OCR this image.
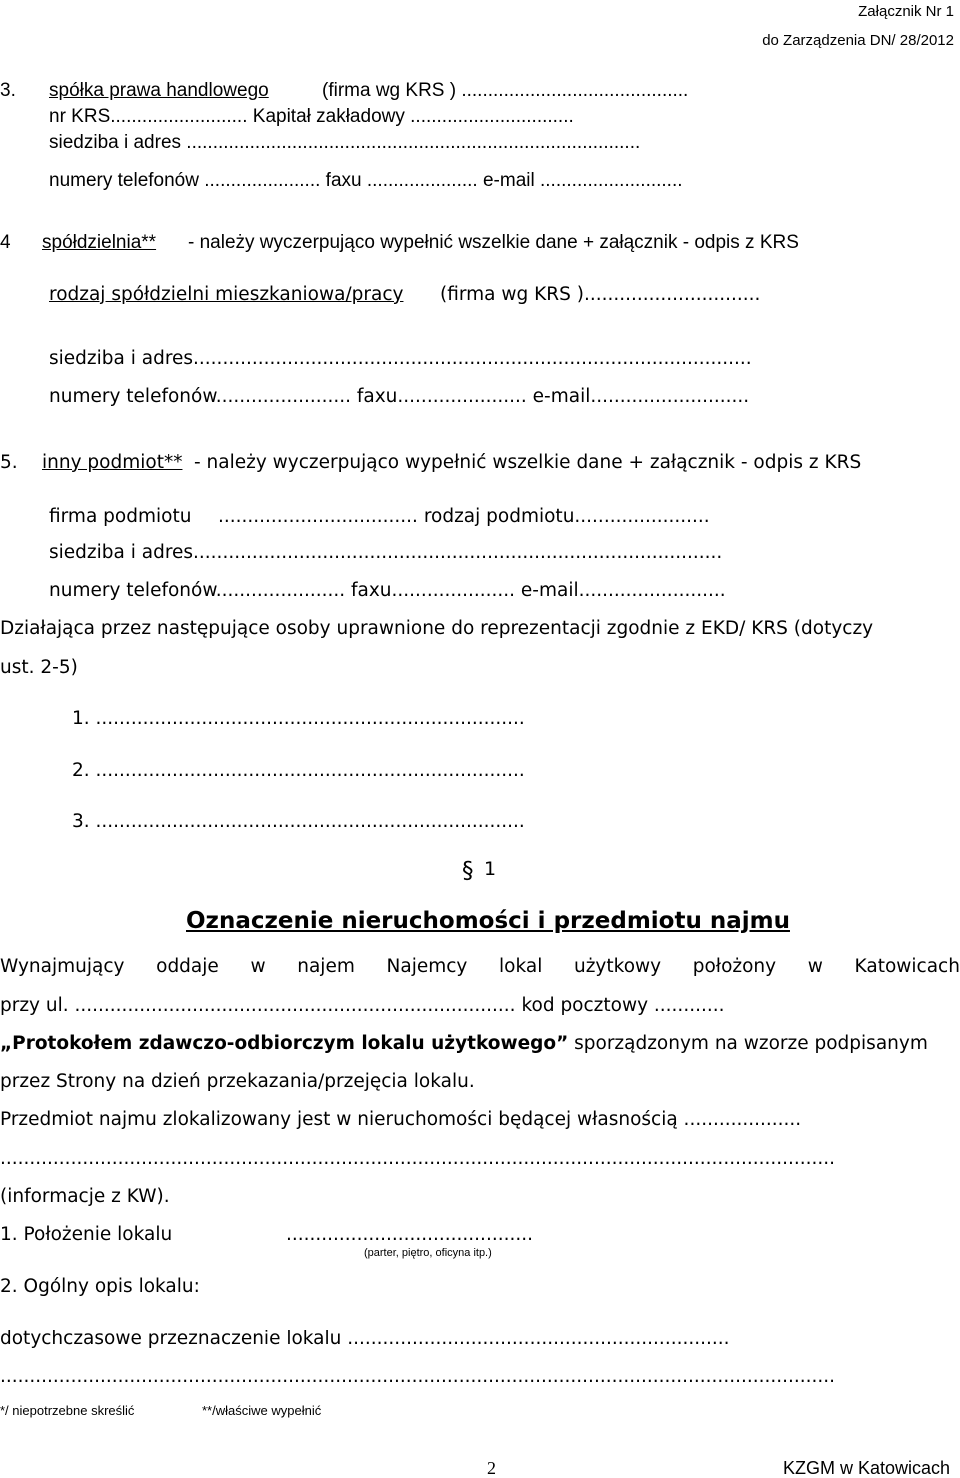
Załącznik Nr 1
do Zarządzenia DN/ 28/2012
3. spółka prawa handlowego	(firma wg KRS ) ...........................................
nr KRS.......................... Kapitał zakładowy ...............................
siedziba i adres ......................................................................................
numery telefonów ...................... faxu ..................... e-mail ...........................
4 spółdzielnia** - należy wyczerpująco wypełnić wszelkie dane + załącznik - odpis z KRS
rodzaj spółdzielni mieszkaniowa/pracy (firma wg KRS )..............................
siedziba i adres...............................................................................................
numery telefonów....................... faxu...................... e-mail...........................
5. inny podmiot** - należy wyczerpująco wypełnić wszelkie dane + załącznik - odpis z KRS
firma podmiotu .................................. rodzaj podmiotu.......................
siedziba i adres..........................................................................................
numery telefonów...................... faxu..................... e-mail.........................
Działająca przez następujące osoby uprawnione do reprezentacji zgodnie z EKD/ KRS (dotyczy
ust. 2-5)
1. .........................................................................
2. .........................................................................
3. .........................................................................
§ 1
Oznaczenie nieruchomości i przedmiotu najmu
Wynajmujący oddaje w najem Najemcy lokal użytkowy położony w Katowicach
przy ul. ........................................................................... kod pocztowy ............
„Protokołem zdawczo-odbiorczym lokalu użytkowego” sporządzonym na wzorze podpisanym
przez Strony na dzień przekazania/przejęcia lokalu.
Przedmiot najmu zlokalizowany jest w nieruchomości będącej własnością ....................
..............................................................................................................................................
(informacje z KW).
1. Położenie lokalu	..........................................
(parter, piętro, oficyna itp.)
2. Ogólny opis lokalu:
dotychczasowe przeznaczenie lokalu .................................................................
..............................................................................................................................................
*/ niepotrzebne skreślić	**/właściwe wypełnić
2	KZGM w Katowicach
